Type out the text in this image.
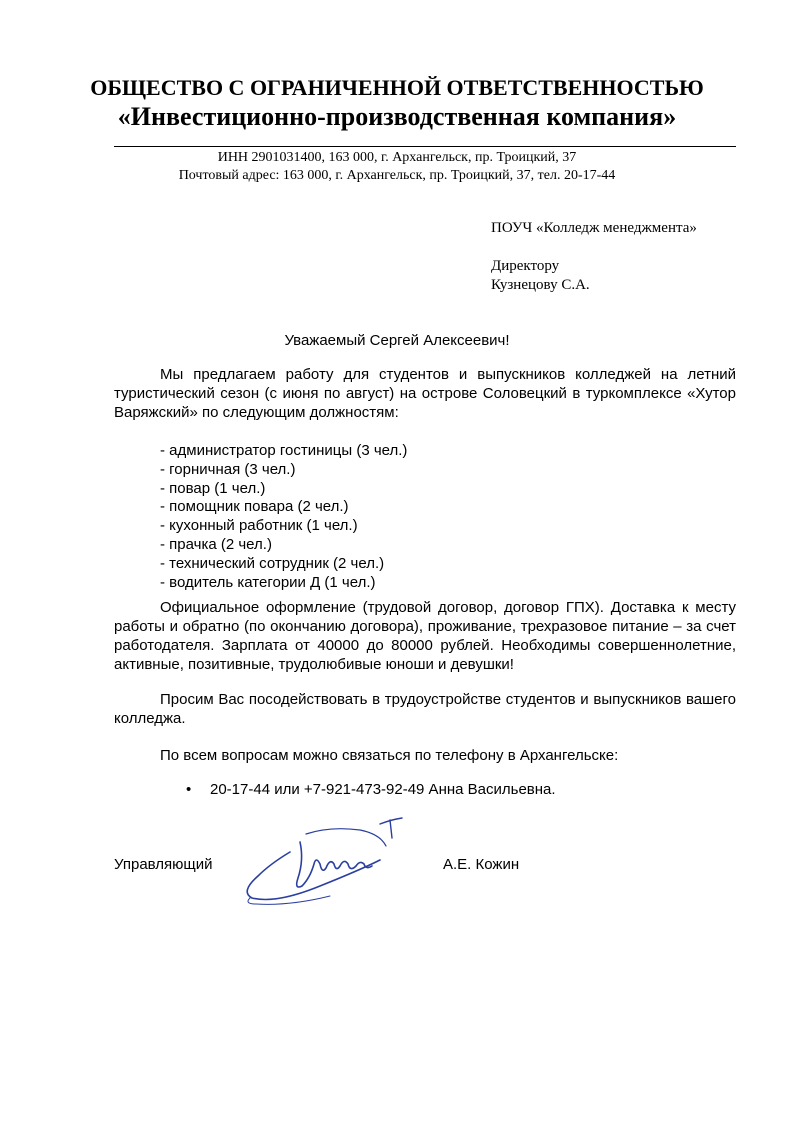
ОБЩЕСТВО С ОГРАНИЧЕННОЙ ОТВЕТСТВЕННОСТЬЮ
«Инвестиционно-производственная компания»
ИНН 2901031400, 163 000, г. Архангельск, пр. Троицкий, 37
Почтовый адрес: 163 000, г. Архангельск, пр. Троицкий, 37, тел. 20-17-44
ПОУЧ «Колледж менеджмента»
Директору
Кузнецову С.А.
Уважаемый Сергей Алексеевич!

Мы предлагаем работу для студентов и выпускников колледжей на летний туристический сезон (с июня по август) на острове Соловецкий в туркомплексе «Хутор Варяжский» по следующим должностям:

- администратор гостиницы (3 чел.)
- горничная (3 чел.)
- повар (1 чел.)
- помощник повара (2 чел.)
- кухонный работник (1 чел.)
- прачка (2 чел.)
- технический сотрудник (2 чел.)
- водитель категории Д (1 чел.)

Официальное оформление (трудовой договор, договор ГПХ). Доставка к месту работы и обратно (по окончанию договора), проживание, трехразовое питание – за счет работодателя. Зарплата от 40000 до 80000 рублей. Необходимы совершеннолетние, активные, позитивные, трудолюбивые юноши и девушки!

Просим Вас посодействовать в трудоустройстве студентов и выпускников вашего колледжа.

По всем вопросам можно связаться по телефону в Архангельске:

• 20-17-44 или +7-921-473-92-49 Анна Васильевна.
Управляющий	А.Е. Кожин
